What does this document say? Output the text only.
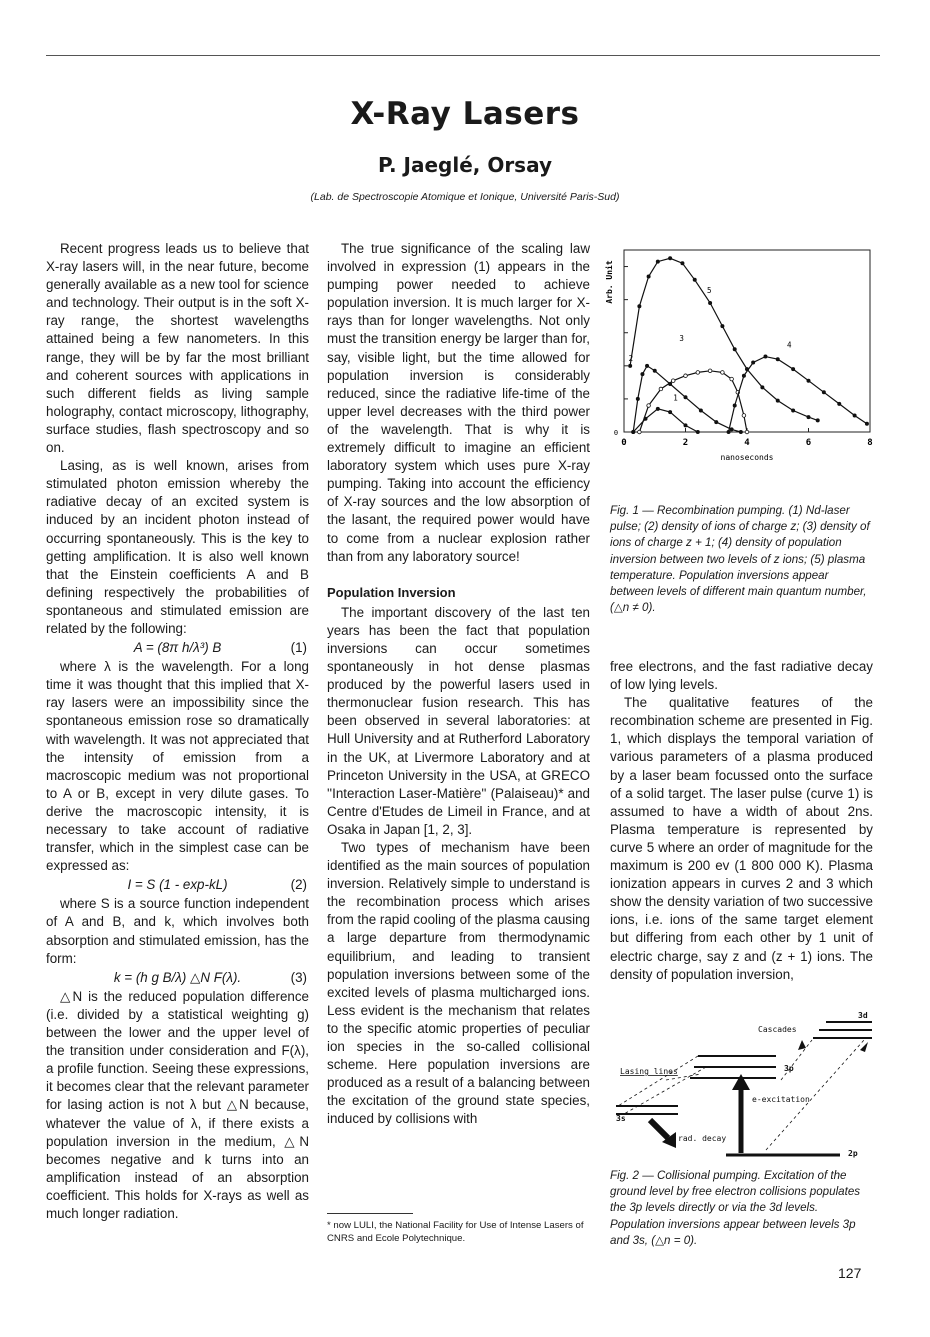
X-Ray Lasers
P. Jaeglé, Orsay
(Lab. de Spectroscopie Atomique et Ionique, Université Paris-Sud)

Recent progress leads us to believe that X-ray lasers will, in the near future, become generally available as a new tool for science and technology. Their output is in the soft X-ray range, the shortest wavelengths attained being a few nanometers. In this range, they will be by far the most brilliant and coherent sources with applications in such different fields as living sample holography, contact microscopy, lithography, surface studies, flash spectroscopy and so on.

Lasing, as is well known, arises from stimulated photon emission whereby the radiative decay of an excited system is induced by an incident photon instead of occurring spontaneously. This is the key to getting amplification. It is also well known that the Einstein coefficients A and B defining respectively the probabilities of spontaneous and stimulated emission are related by the following:

A = (8π h/λ³) B	(1)

where λ is the wavelength. For a long time it was thought that this implied that X-ray lasers were an impossibility since the spontaneous emission rose so dramatically with wavelength. It was not appreciated that the intensity of emission from a macroscopic medium was not proportional to A or B, except in very dilute gases. To derive the macroscopic intensity, it is necessary to take account of radiative transfer, which in the simplest case can be expressed as:

I = S (1 - exp-kL)	(2)

where S is a source function independent of A and B, and k, which involves both absorption and stimulated emission, has the form:

k = (h g B/λ) △N F(λ).	(3)

△N is the reduced population difference (i.e. divided by a statistical weighting g) between the lower and the upper level of the transition under consideration and F(λ), a profile function. Seeing these expressions, it becomes clear that the relevant parameter for lasing action is not λ but △N because, whatever the value of λ, if there exists a population inversion in the medium, △N becomes negative and k turns into an amplification instead of an absorption coefficient. This holds for X-rays as well as much longer radiation.

The true significance of the scaling law involved in expression (1) appears in the pumping power needed to achieve population inversion. It is much larger for X-rays than for longer wavelengths. Not only must the transition energy be larger than for, say, visible light, but the time allowed for population inversion is considerably reduced, since the radiative life-time of the upper level decreases with the third power of the wavelength. That is why it is extremely difficult to imagine an efficient laboratory system which uses pure X-ray pumping. Taking into account the efficiency of X-ray sources and the low absorption of the lasant, the required power would have to come from a nuclear explosion rather than from any laboratory source!

Population Inversion

The important discovery of the last ten years has been the fact that population inversions can occur sometimes spontaneously in hot dense plasmas produced by the powerful lasers used in thermonuclear fusion research. This has been observed in several laboratories: at Hull University and at Rutherford Laboratory in the UK, at Livermore Laboratory and at Princeton University in the USA, at GRECO ''Interaction Laser-Matière'' (Palaiseau)* and Centre d'Etudes de Limeil in France, and at Osaka in Japan [1, 2, 3].

Two types of mechanism have been identified as the main sources of population inversion. Relatively simple to understand is the recombination process which arises from the rapid cooling of the plasma causing a large departure from thermodynamic equilibrium, and leading to transient population inversions between some of the excited levels of plasma multicharged ions. Less evident is the mechanism that relates to the specific atomic properties of peculiar ion species in the so-called collisional scheme. Here population inversions are produced as a result of a balancing between the excitation of the ground state species, induced by collisions with

* now LULI, the National Facility for Use of Intense Lasers of CNRS and Ecole Polytechnique.
0	2	4	6	8
0
nanoseconds
Arb. Unit
1
2
3
4
5
Fig. 1 — Recombination pumping. (1) Nd-laser pulse; (2) density of ions of charge z; (3) density of ions of charge z + 1; (4) density of population inversion between two levels of z ions; (5) plasma temperature. Population inversions appear between levels of different main quantum number, (△n ≠ 0).

free electrons, and the fast radiative decay of low lying levels.

The qualitative features of the recombination scheme are presented in Fig. 1, which displays the temporal variation of various parameters of a plasma produced by a laser beam focussed onto the surface of a solid target. The laser pulse (curve 1) is assumed to have a width of about 2ns. Plasma temperature is represented by curve 5 where an order of magnitude for the maximum is 200 ev (1 800 000 K). Plasma ionization appears in curves 2 and 3 which show the density variation of two successive ions, i.e. ions of the same target element but differing from each other by 1 unit of electric charge, say z and (z + 1) ions. The density of population inversion,

Cascades
3d
Lasing lines	3p
e-excitation
3s
rad. decay
2p
Fig. 2 — Collisional pumping. Excitation of the ground level by free electron collisions populates the 3p levels directly or via the 3d levels. Population inversions appear between levels 3p and 3s, (△n = 0).
127
